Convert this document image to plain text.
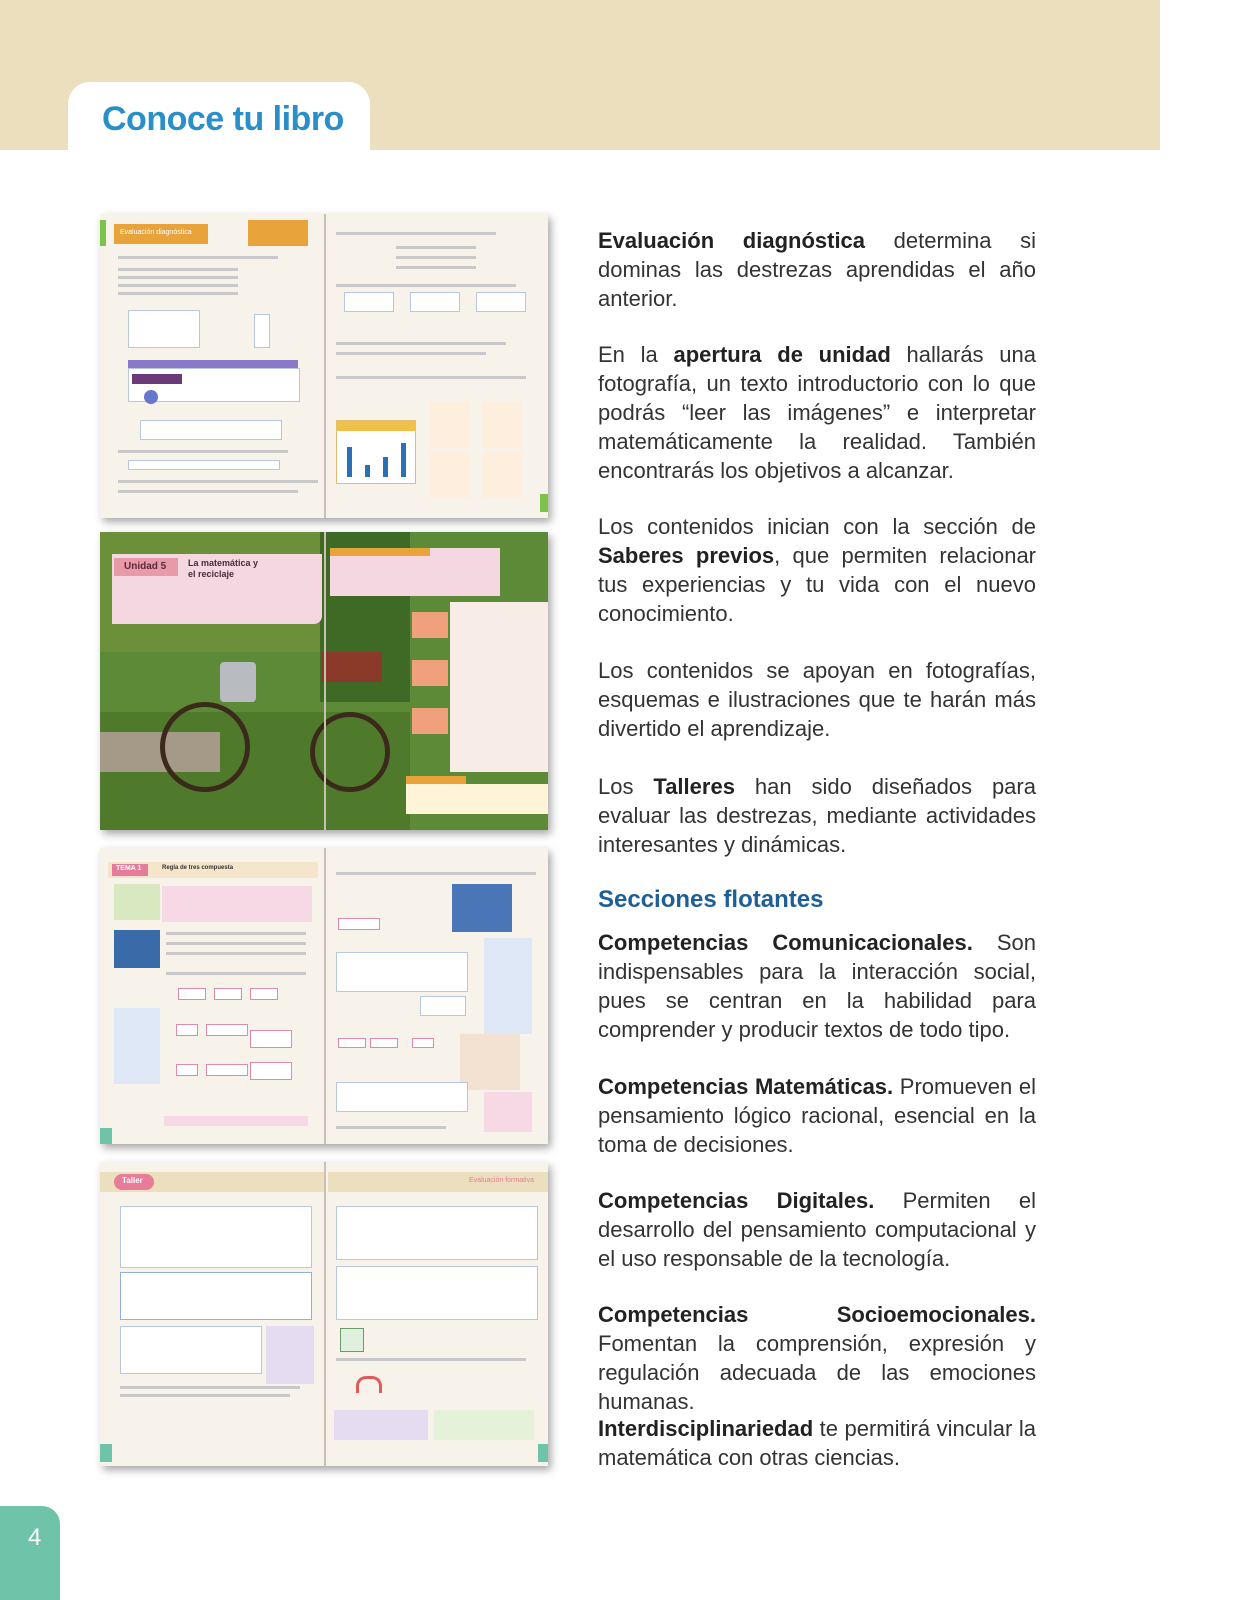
Conoce tu libro
Evaluación diagnóstica
Unidad 5 La matemática y el reciclaje
TEMA 1	Regla de tres compuesta
Taller	Evaluación formativa
Evaluación diagnóstica determina si dominas las destrezas aprendidas el año anterior.
En la apertura de unidad hallarás una fotografía, un texto introductorio con lo que podrás “leer las imágenes” e interpretar matemáticamente la realidad. También encontrarás los objetivos a alcanzar.
Los contenidos inician con la sección de Saberes previos, que permiten relacionar tus experiencias y tu vida con el nuevo conocimiento.
Los contenidos se apoyan en fotografías, esquemas e ilustraciones que te harán más divertido el aprendizaje.
Los Talleres han sido diseñados para evaluar las destrezas, mediante actividades interesantes y dinámicas.
Secciones flotantes
Competencias Comunicacionales. Son indispensables para la interacción social, pues se centran en la habilidad para comprender y producir textos de todo tipo.
Competencias Matemáticas. Promueven el pensamiento lógico racional, esencial en la toma de decisiones.
Competencias Digitales. Permiten el desarrollo del pensamiento computacional y el uso responsable de la tecnología.
Competencias Socioemocionales. Fomentan la comprensión, expresión y regulación adecuada de las emociones humanas.
Interdisciplinariedad te permitirá vincular la matemática con otras ciencias.
4
